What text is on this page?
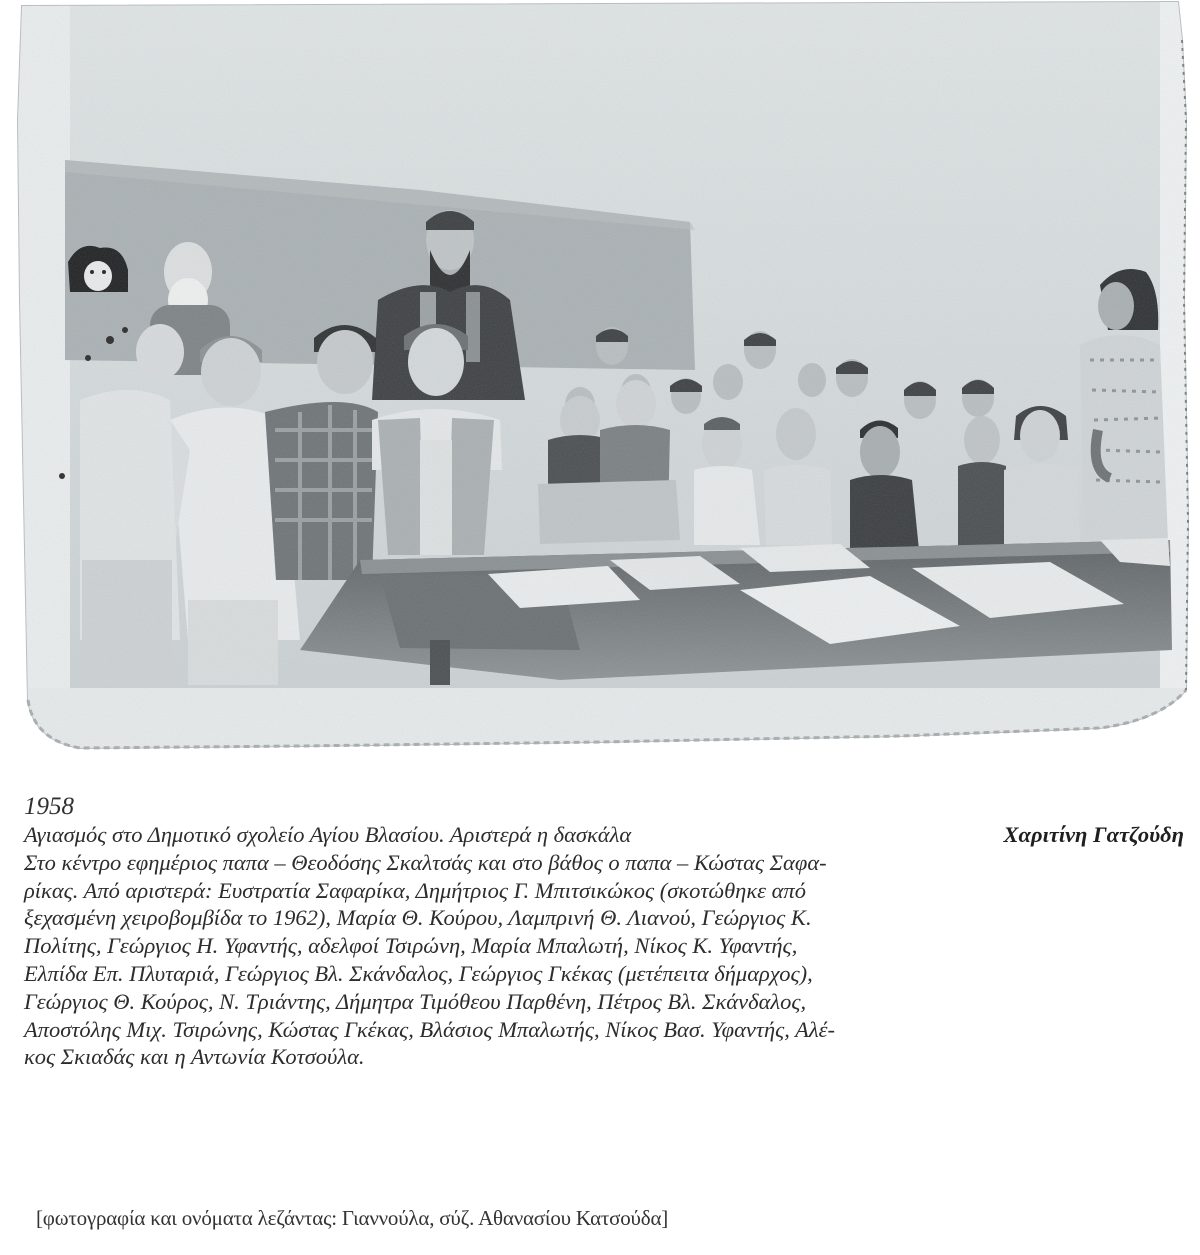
1958

Αγιασμός στο Δημοτικό σχολείο Αγίου Βλασίου. Αριστερά η δασκάλα	Χαριτίνη Γατζούδη

Στο κέντρο εφημέριος παπα – Θεοδόσης Σκαλτσάς και στο βάθος ο παπα – Κώστας Σαφα-

ρίκας. Από αριστερά: Ευστρατία Σαφαρίκα, Δημήτριος Γ. Μπιτσικώκος (σκοτώθηκε από

ξεχασμένη χειροβομβίδα το 1962), Μαρία Θ. Κούρου, Λαμπρινή Θ. Λιανού, Γεώργιος Κ.

Πολίτης, Γεώργιος Η. Υφαντής, αδελφοί Τσιρώνη, Μαρία Μπαλωτή, Νίκος Κ. Υφαντής,

Ελπίδα Επ. Πλυταριά, Γεώργιος Βλ. Σκάνδαλος, Γεώργιος Γκέκας (μετέπειτα δήμαρχος),

Γεώργιος Θ. Κούρος, Ν. Τριάντης, Δήμητρα Τιμόθεου Παρθένη, Πέτρος Βλ. Σκάνδαλος,

Αποστόλης Μιχ. Τσιρώνης, Κώστας Γκέκας, Βλάσιος Μπαλωτής, Νίκος Βασ. Υφαντής, Αλέ-

κος Σκιαδάς και η Αντωνία Κοτσούλα.

[φωτογραφία και ονόματα λεζάντας: Γιαννούλα, σύζ. Αθανασίου Κατσούδα]
